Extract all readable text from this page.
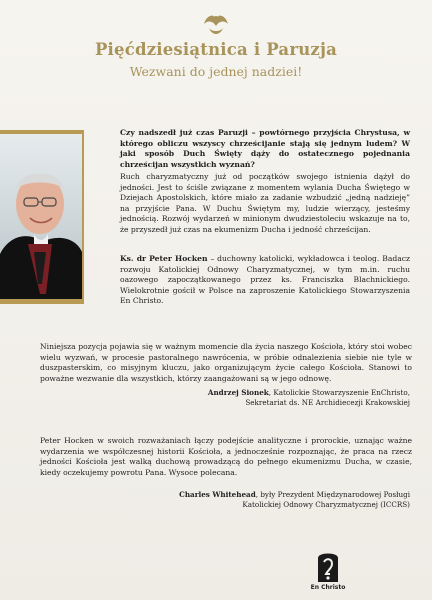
Pięćdziesiątnica i Paruzja
Wezwani do jednej nadziei!

Czy nadszedł już czas Paruzji – powtórnego przyjścia Chrystusa, w którego obliczu wszyscy chrześcijanie stają się jednym ludem? W jaki sposób Duch Święty dąży do ostatecznego pojednania chrześcijan wszystkich wyznań?

Ruch charyzmatyczny już od początków swojego istnienia dążył do jedności. Jest to ściśle związane z momentem wylania Ducha Świętego w Dziejach Apostolskich, które miało za zadanie wzbudzić „jedną nadzieję” na przyjście Pana. W Duchu Świętym my, ludzie wierzący, jesteśmy jednością. Rozwój wydarzeń w minionym dwudziestoleciu wskazuje na to, że przyszedł już czas na ekumenizm Ducha i jedność chrześcijan.

Ks. dr Peter Hocken – duchowny katolicki, wykładowca i teolog. Badacz rozwoju Katolickiej Odnowy Charyzmatycznej, w tym m.in. ruchu oazowego zapoczątkowanego przez ks. Franciszka Blachnickiego. Wielokrotnie gościł w Polsce na zaproszenie Katolickiego Stowarzyszenia En Christo.

Niniejsza pozycja pojawia się w ważnym momencie dla życia naszego Kościoła, który stoi wobec wielu wyzwań, w procesie pastoralnego nawrócenia, w próbie odnalezienia siebie nie tyle w duszpasterskim, co misyjnym kluczu, jako organizującym życie całego Kościoła. Stanowi to poważne wezwanie dla wszystkich, którzy zaangażowani są w jego odnowę.

Andrzej Sionek, Katolickie Stowarzyszenie EnChristo, Sekretariat ds. NE Archidiecezji Krakowskiej

Peter Hocken w swoich rozważaniach łączy podejście analityczne i prorockie, uznając ważne wydarzenia we współczesnej historii Kościoła, a jednocześnie rozpoznając, że praca na rzecz jedności Kościoła jest walką duchową prowadzącą do pełnego ekumenizmu Ducha, w czasie, kiedy oczekujemy powrotu Pana. Wysoce polecana.

Charles Whitehead, były Prezydent Międzynarodowej Posługi Katolickiej Odnowy Charyzmatycznej (ICCRS)

En Christo
